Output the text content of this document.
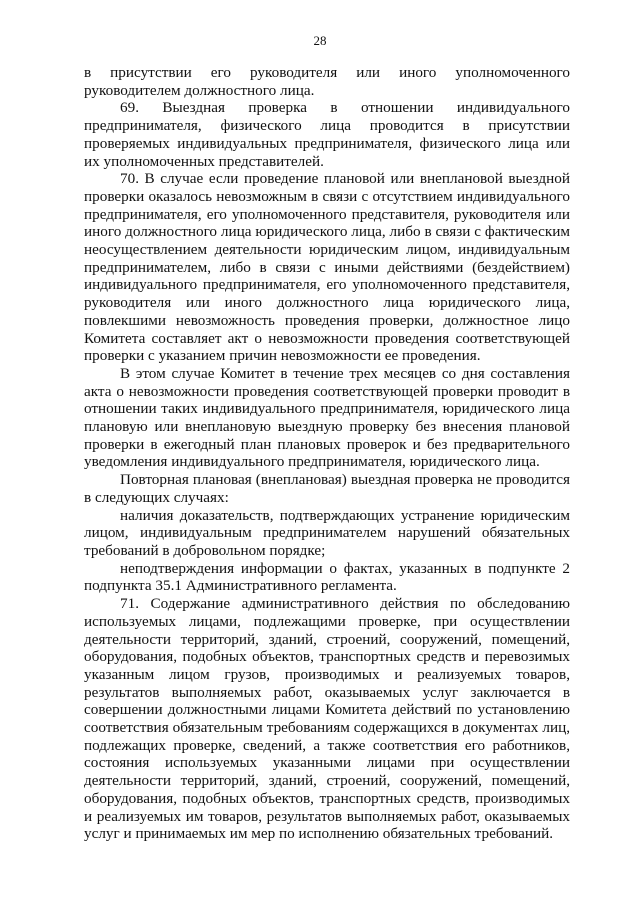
28

в присутствии его руководителя или иного уполномоченного руководителем должностного лица.

69. Выездная проверка в отношении индивидуального предпринимателя, физического лица проводится в присутствии проверяемых индивидуальных предпринимателя, физического лица или их уполномоченных представителей.

70. В случае если проведение плановой или внеплановой выездной проверки оказалось невозможным в связи с отсутствием индивидуального предпринимателя, его уполномоченного представителя, руководителя или иного должностного лица юридического лица, либо в связи с фактическим неосуществлением деятельности юридическим лицом, индивидуальным предпринимателем, либо в связи с иными действиями (бездействием) индивидуального предпринимателя, его уполномоченного представителя, руководителя или иного должностного лица юридического лица, повлекшими невозможность проведения проверки, должностное лицо Комитета составляет акт о невозможности проведения соответствующей проверки с указанием причин невозможности ее проведения.

В этом случае Комитет в течение трех месяцев со дня составления акта о невозможности проведения соответствующей проверки проводит в отношении таких индивидуального предпринимателя, юридического лица плановую или внеплановую выездную проверку без внесения плановой проверки в ежегодный план плановых проверок и без предварительного уведомления индивидуального предпринимателя, юридического лица.

Повторная плановая (внеплановая) выездная проверка не проводится в следующих случаях:

наличия доказательств, подтверждающих устранение юридическим лицом, индивидуальным предпринимателем нарушений обязательных требований в добровольном порядке;

неподтверждения информации о фактах, указанных в подпункте 2 подпункта 35.1 Административного регламента.

71. Содержание административного действия по обследованию используемых лицами, подлежащими проверке, при осуществлении деятельности территорий, зданий, строений, сооружений, помещений, оборудования, подобных объектов, транспортных средств и перевозимых указанным лицом грузов, производимых и реализуемых товаров, результатов выполняемых работ, оказываемых услуг заключается в совершении должностными лицами Комитета действий по установлению соответствия обязательным требованиям содержащихся в документах лиц, подлежащих проверке, сведений, а также соответствия его работников, состояния используемых указанными лицами при осуществлении деятельности территорий, зданий, строений, сооружений, помещений, оборудования, подобных объектов, транспортных средств, производимых и реализуемых им товаров, результатов выполняемых работ, оказываемых услуг и принимаемых им мер по исполнению обязательных требований.
